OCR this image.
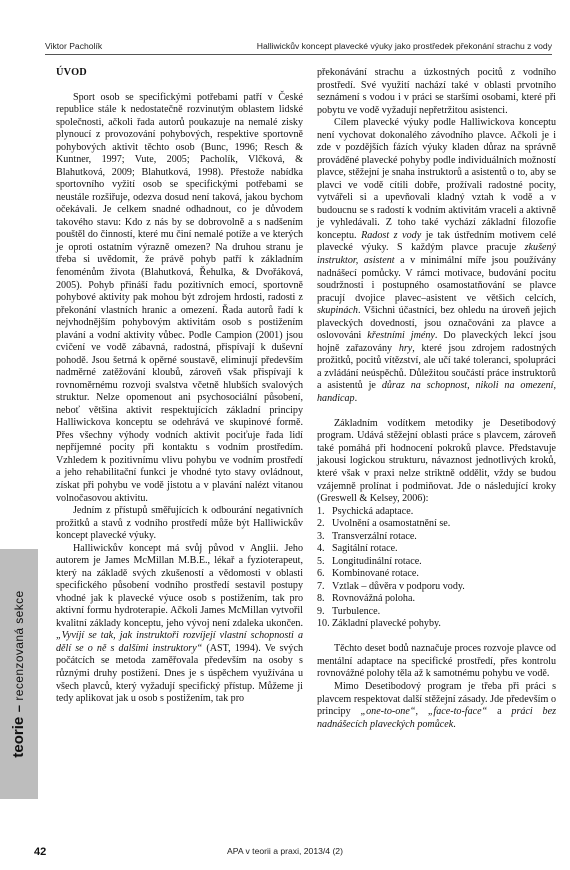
Viktor Pacholík	Halliwickův koncept plavecké výuky jako prostředek překonání strachu z vody
ÚVOD

Sport osob se specifickými potřebami patří v České republice stále k nedostatečně rozvinutým oblastem lidské společnosti, ačkoli řada autorů poukazuje na nemalé zisky plynoucí z provozování pohybových, respektive sportovně pohybových aktivit těchto osob (Bunc, 1996; Resch & Kuntner, 1997; Vute, 2005; Pacholík, Vlčková, & Blahutková, 2009; Blahutková, 1998). Přestože nabídka sportovního vyžití osob se specifickými potřebami se neustále rozšiřuje, odezva dosud není taková, jakou bychom očekávali. Je celkem snadné odhadnout, co je důvodem takového stavu: Kdo z nás by se dobrovolně a s nadšením pouštěl do činností, které mu činí nemalé potíže a ve kterých je oproti ostatním výrazně omezen? Na druhou stranu je třeba si uvědomit, že právě pohyb patří k základním fenoménům života (Blahutková, Řehulka, & Dvořáková, 2005). Pohyb přináší řadu pozitivních emocí, sportovně pohybové aktivity pak mohou být zdrojem hrdosti, radosti z překonání vlastních hranic a omezení. Řada autorů řadí k nejvhodnějším pohybovým aktivitám osob s postižením plavání a vodní aktivity vůbec. Podle Campion (2001) jsou cvičení ve vodě zábavná, radostná, přispívají k duševní pohodě. Jsou šetrná k opěrné soustavě, eliminují především nadměrné zatěžování kloubů, zároveň však přispívají k rovnoměrnému rozvoji svalstva včetně hlubších svalových struktur. Nelze opomenout ani psychosociální působení, neboť většina aktivit respektujících základní principy Halliwickova konceptu se odehrává ve skupinové formě. Přes všechny výhody vodních aktivit pociťuje řada lidí nepříjemné pocity při kontaktu s vodním prostředím. Vzhledem k pozitivnímu vlivu pohybu ve vodním prostředí a jeho rehabilitační funkci je vhodné tyto stavy ovládnout, získat při pohybu ve vodě jistotu a v plavání nalézt vitanou volnočasovou aktivitu.

Jedním z přístupů směřujících k odbourání negativních prožitků a stavů z vodního prostředí může být Halliwickův koncept plavecké výuky.

Halliwickův koncept má svůj původ v Anglii. Jeho autorem je James McMillan M.B.E., lékař a fyzioterapeut, který na základě svých zkušeností a vědomosti v oblasti specifického působení vodního prostředí sestavil postupy vhodné jak k plavecké výuce osob s postižením, tak pro aktivní formu hydroterapie. Ačkoli James McMillan vytvořil kvalitní základy konceptu, jeho vývoj není zdaleka ukončen. „Vyvíjí se tak, jak instruktoři rozvíjejí vlastní schopnosti a dělí se o ně s dalšími instruktory“ (AST, 1994). Ve svých počátcích se metoda zaměřovala především na osoby s různými druhy postižení. Dnes je s úspěchem využívána u všech plavců, který vyžadují specifický přístup. Můžeme ji tedy aplikovat jak u osob s postižením, tak pro

překonávání strachu a úzkostných pocitů z vodního prostředí. Své využití nachází také v oblasti prvotního seznámení s vodou i v práci se staršími osobami, které při pobytu ve vodě vyžadují nepřetržitou asistenci.

Cílem plavecké výuky podle Halliwickova konceptu není vychovat dokonalého závodního plavce. Ačkoli je i zde v pozdějších fázích výuky kladen důraz na správně prováděné plavecké pohyby podle individuálních možností plavce, stěžejní je snaha instruktorů a asistentů o to, aby se plavci ve vodě cítili dobře, prožívali radostné pocity, vytvářeli si a upevňovali kladný vztah k vodě a v budoucnu se s radostí k vodním aktivitám vraceli a aktivně je vyhledávali. Z toho také vychází základní filozofie konceptu. Radost z vody je tak ústředním motivem celé plavecké výuky. S každým plavce pracuje zkušený instruktor, asistent a v minimální míře jsou používány nadnášecí pomůcky. V rámci motivace, budování pocitu soudržnosti i postupného osamostatňování se plavce pracují dvojice plavec–asistent ve většich celcích, skupinách. Všichni účastníci, bez ohledu na úroveň jejich plaveckých dovedností, jsou označováni za plavce a oslovováni křestními jmény. Do plaveckých lekcí jsou hojně zařazovány hry, které jsou zdrojem radostných prožitků, pocitů vítězství, ale učí také toleranci, spolupráci a zvládání neúspěchů. Důležitou součástí práce instruktorů a asistentů je důraz na schopnost, nikoli na omezení, handicap.

Základním vodítkem metodiky je Desetibodový program. Udává stěžejní oblasti práce s plavcem, zároveň také pomáhá při hodnocení pokroků plavce. Představuje jakousi logickou strukturu, návaznost jednotlivých kroků, které však v praxi nelze striktně oddělit, vždy se budou vzájemně prolínat i podmiňovat. Jde o následující kroky (Greswell & Kelsey, 2006):

1. Psychická adaptace.
2. Uvolnění a osamostatnění se.
3. Transverzální rotace.
4. Sagitální rotace.
5. Longitudinální rotace.
6. Kombinované rotace.
7. Vztlak – důvěra v podporu vody.
8. Rovnovážná poloha.
9. Turbulence.
10. Základní plavecké pohyby.

Těchto deset bodů naznačuje proces rozvoje plavce od mentální adaptace na specifické prostředí, přes kontrolu rovnovážné polohy těla až k samotnému pohybu ve vodě.

Mimo Desetibodový program je třeba při práci s plavcem respektovat další stěžejní zásady. Jde především o principy „one-to-one“, „face-to-face“ a práci bez nadnášecích plaveckých pomůcek.

teorie – recenzovaná sekce
APA v teorii a praxi, 2013/4 (2)
42
